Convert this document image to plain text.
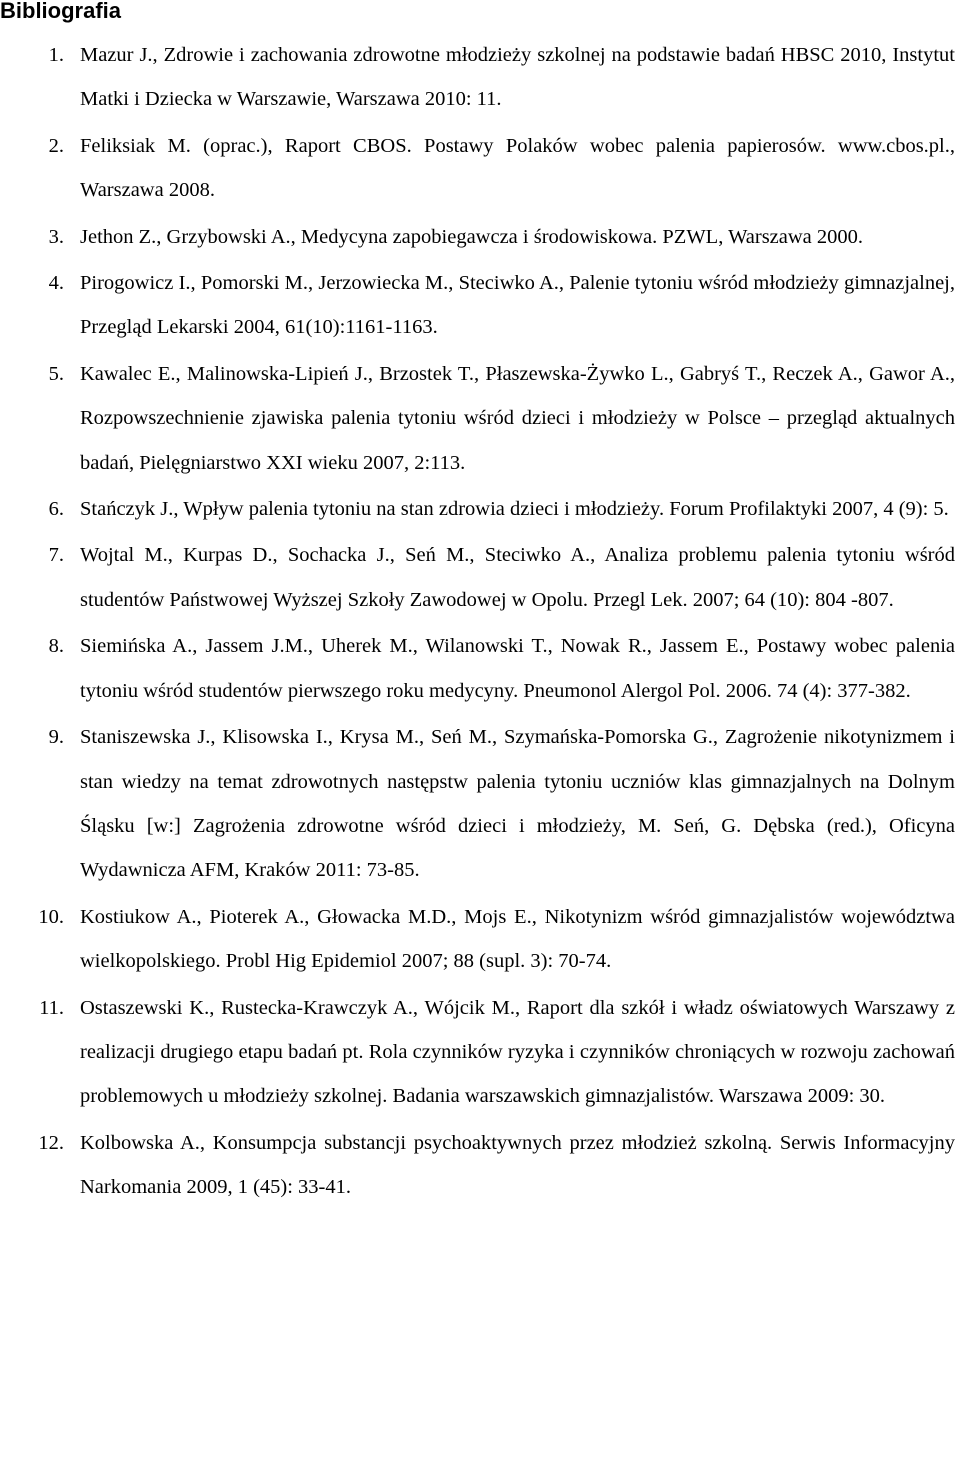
Bibliografia
1. Mazur J., Zdrowie i zachowania zdrowotne młodzieży szkolnej na podstawie badań HBSC 2010, Instytut Matki i Dziecka w Warszawie, Warszawa 2010: 11.
2. Feliksiak M. (oprac.), Raport CBOS. Postawy Polaków wobec palenia papierosów. www.cbos.pl., Warszawa 2008.
3. Jethon Z., Grzybowski A., Medycyna zapobiegawcza i środowiskowa. PZWL, Warszawa 2000.
4. Pirogowicz I., Pomorski M., Jerzowiecka M., Steciwko A., Palenie tytoniu wśród młodzieży gimnazjalnej, Przegląd Lekarski 2004, 61(10):1161-1163.
5. Kawalec E., Malinowska-Lipień J., Brzostek T., Płaszewska-Żywko L., Gabryś T., Reczek A., Gawor A., Rozpowszechnienie zjawiska palenia tytoniu wśród dzieci i młodzieży w Polsce – przegląd aktualnych badań, Pielęgniarstwo XXI wieku 2007, 2:113.
6. Stańczyk J., Wpływ palenia tytoniu na stan zdrowia dzieci i młodzieży. Forum Profilaktyki 2007, 4 (9): 5.
7. Wojtal M., Kurpas D., Sochacka J., Seń M., Steciwko A., Analiza problemu palenia tytoniu wśród studentów Państwowej Wyższej Szkoły Zawodowej w Opolu. Przegl Lek. 2007; 64 (10): 804 -807.
8. Siemińska A., Jassem J.M., Uherek M., Wilanowski T., Nowak R., Jassem E., Postawy wobec palenia tytoniu wśród studentów pierwszego roku medycyny. Pneumonol Alergol Pol. 2006. 74 (4): 377-382.
9. Staniszewska J., Klisowska I., Krysa M., Seń M., Szymańska-Pomorska G., Zagrożenie nikotynizmem i stan wiedzy na temat zdrowotnych następstw palenia tytoniu uczniów klas gimnazjalnych na Dolnym Śląsku [w:] Zagrożenia zdrowotne wśród dzieci i młodzieży, M. Seń, G. Dębska (red.), Oficyna Wydawnicza AFM, Kraków 2011: 73-85.
10. Kostiukow A., Pioterek A., Głowacka M.D., Mojs E., Nikotynizm wśród gimnazjalistów województwa wielkopolskiego. Probl Hig Epidemiol 2007; 88 (supl. 3): 70-74.
11. Ostaszewski K., Rustecka-Krawczyk A., Wójcik M., Raport dla szkół i władz oświatowych Warszawy z realizacji drugiego etapu badań pt. Rola czynników ryzyka i czynników chroniących w rozwoju zachowań problemowych u młodzieży szkolnej. Badania warszawskich gimnazjalistów. Warszawa 2009: 30.
12. Kolbowska A., Konsumpcja substancji psychoaktywnych przez młodzież szkolną. Serwis Informacyjny Narkomania 2009, 1 (45): 33-41.
